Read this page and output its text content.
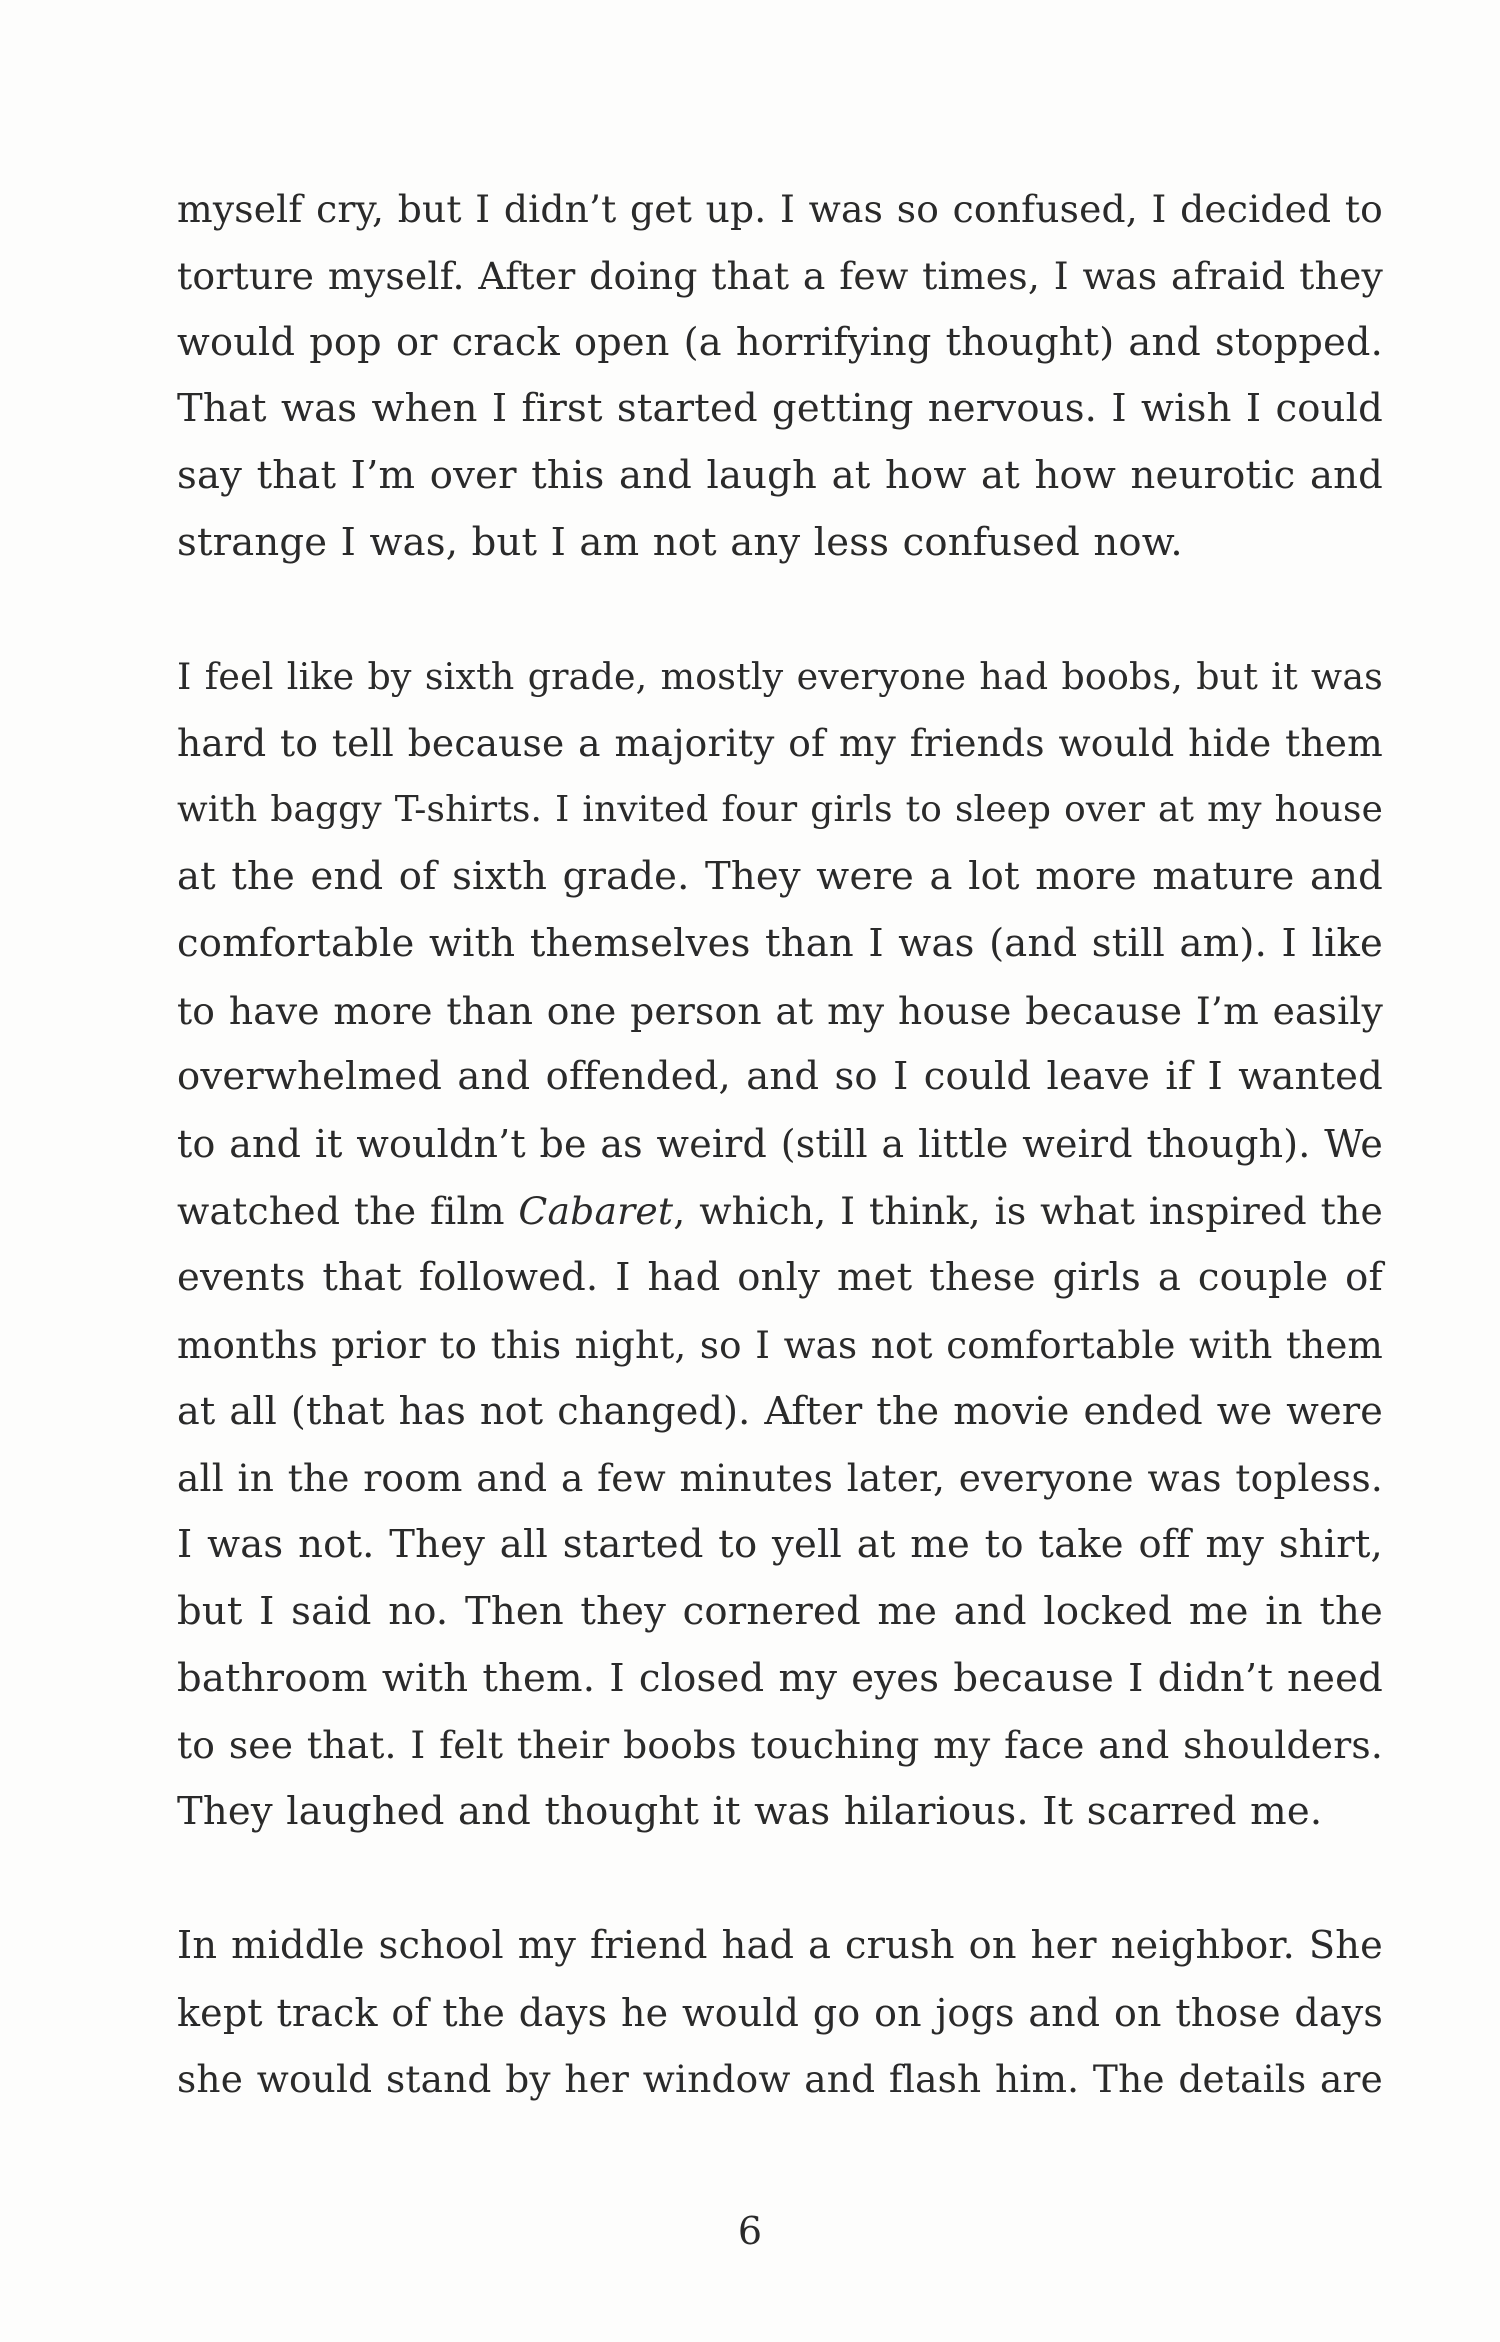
myself cry, but I didn’t get up. I was so confused, I decided to
torture myself. After doing that a few times, I was afraid they
would pop or crack open (a horrifying thought) and stopped.
That was when I first started getting nervous. I wish I could
say that I’m over this and laugh at how at how neurotic and
strange I was, but I am not any less confused now.

I feel like by sixth grade, mostly everyone had boobs, but it was
hard to tell because a majority of my friends would hide them
with baggy T-shirts. I invited four girls to sleep over at my house
at the end of sixth grade. They were a lot more mature and
comfortable with themselves than I was (and still am). I like
to have more than one person at my house because I’m easily
overwhelmed and offended, and so I could leave if I wanted
to and it wouldn’t be as weird (still a little weird though). We
watched the film Cabaret, which, I think, is what inspired the
events that followed. I had only met these girls a couple of
months prior to this night, so I was not comfortable with them
at all (that has not changed). After the movie ended we were
all in the room and a few minutes later, everyone was topless.
I was not. They all started to yell at me to take off my shirt,
but I said no. Then they cornered me and locked me in the
bathroom with them. I closed my eyes because I didn’t need
to see that. I felt their boobs touching my face and shoulders.
They laughed and thought it was hilarious. It scarred me.

In middle school my friend had a crush on her neighbor. She
kept track of the days he would go on jogs and on those days
she would stand by her window and flash him. The details are

6
